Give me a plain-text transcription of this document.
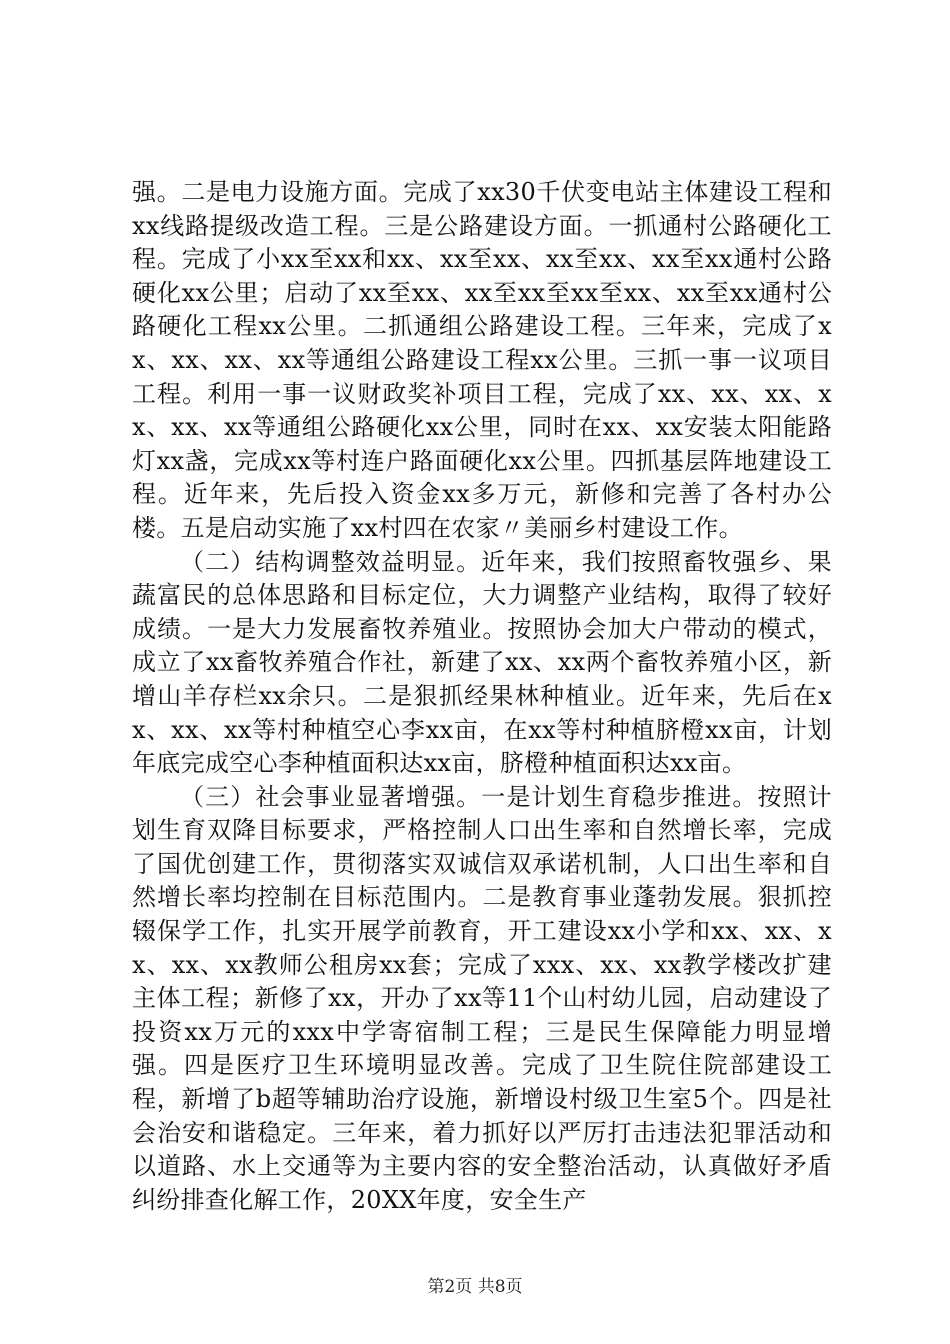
强。二是电力设施方面。完成了xx30千伏变电站主体建设工程和xx线路提级改造工程。三是公路建设方面。一抓通村公路硬化工程。完成了小xx至xx和xx、xx至xx、xx至xx、xx至xx通村公路硬化xx公里；启动了xx至xx、xx至xx至xx至xx、xx至xx通村公路硬化工程xx公里。二抓通组公路建设工程。三年来，完成了xx、xx、xx、xx等通组公路建设工程xx公里。三抓一事一议项目工程。利用一事一议财政奖补项目工程，完成了xx、xx、xx、xx、xx、xx等通组公路硬化xx公里，同时在xx、xx安装太阳能路灯xx盏，完成xx等村连户路面硬化xx公里。四抓基层阵地建设工程。近年来，先后投入资金xx多万元，新修和完善了各村办公楼。五是启动实施了xx村四在农家〃美丽乡村建设工作。

（二）结构调整效益明显。近年来，我们按照畜牧强乡、果蔬富民的总体思路和目标定位，大力调整产业结构，取得了较好成绩。一是大力发展畜牧养殖业。按照协会加大户带动的模式，成立了xx畜牧养殖合作社，新建了xx、xx两个畜牧养殖小区，新增山羊存栏xx余只。二是狠抓经果林种植业。近年来，先后在xx、xx、xx等村种植空心李xx亩，在xx等村种植脐橙xx亩，计划年底完成空心李种植面积达xx亩，脐橙种植面积达xx亩。

（三）社会事业显著增强。一是计划生育稳步推进。按照计划生育双降目标要求，严格控制人口出生率和自然增长率，完成了国优创建工作，贯彻落实双诚信双承诺机制，人口出生率和自然增长率均控制在目标范围内。二是教育事业蓬勃发展。狠抓控辍保学工作，扎实开展学前教育，开工建设xx小学和xx、xx、xx、xx、xx教师公租房xx套；完成了xxx、xx、xx教学楼改扩建主体工程；新修了xx，开办了xx等11个山村幼儿园，启动建设了投资xx万元的xxx中学寄宿制工程；三是民生保障能力明显增强。四是医疗卫生环境明显改善。完成了卫生院住院部建设工程，新增了b超等辅助治疗设施，新增设村级卫生室5个。四是社会治安和谐稳定。三年来，着力抓好以严厉打击违法犯罪活动和以道路、水上交通等为主要内容的安全整治活动，认真做好矛盾纠纷排查化解工作，20XX年度，安全生产

第2页 共8页
